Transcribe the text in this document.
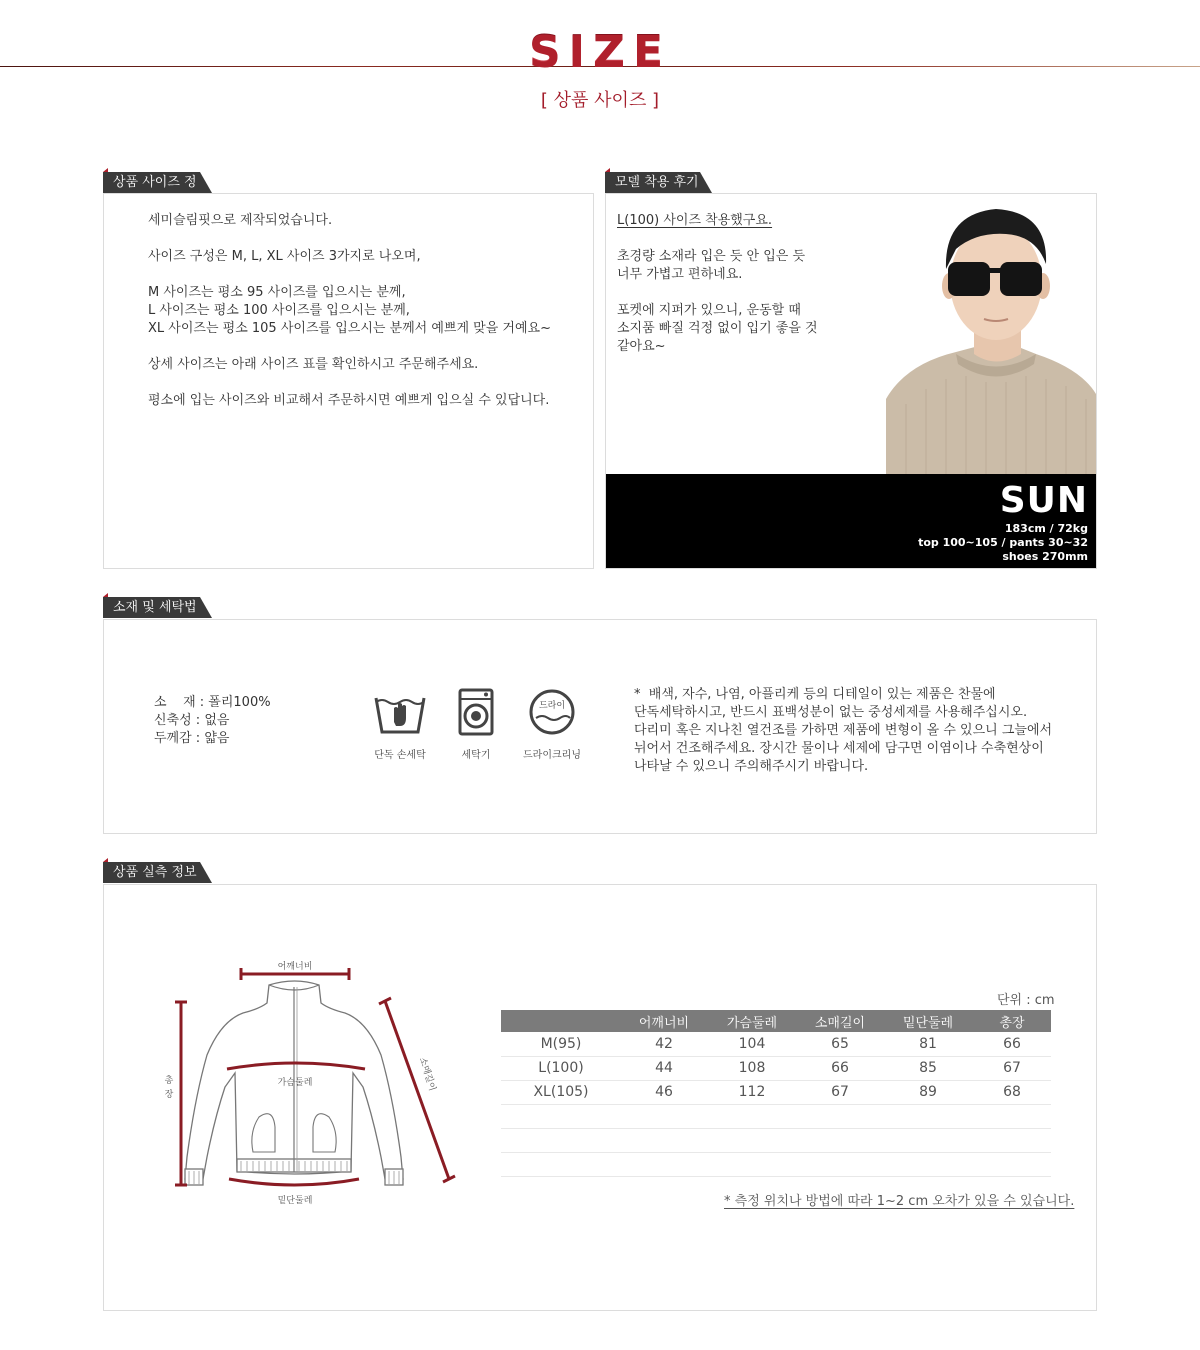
SIZE
[ 상품 사이즈 ]
상품 사이즈 정

세미슬림핏으로 제작되었습니다.

사이즈 구성은 M, L, XL 사이즈 3가지로 나오며,

M 사이즈는 평소 95 사이즈를 입으시는 분께,
L 사이즈는 평소 100 사이즈를 입으시는 분께,
XL 사이즈는 평소 105 사이즈를 입으시는 분께서 예쁘게 맞을 거예요~

상세 사이즈는 아래 사이즈 표를 확인하시고 주문해주세요.

평소에 입는 사이즈와 비교해서 주문하시면 예쁘게 입으실 수 있답니다.

모델 착용 후기

L(100) 사이즈 착용했구요.

초경량 소재라 입은 듯 안 입은 듯
너무 가볍고 편하네요.

포켓에 지퍼가 있으니, 운동할 때
소지품 빠질 걱정 없이 입기 좋을 것
같아요~

SUN
183cm / 72kg
top 100~105 / pants 30~32
shoes 270mm
소재 및 세탁법
소    재 : 폴리100%
신축성 : 없음
두께감 : 얇음
단독 손세탁	세탁기
드라이
드라이크리닝
*  배색, 자수, 나염, 아플리케 등의 디테일이 있는 제품은 찬물에
단독세탁하시고, 반드시 표백성분이 없는 중성세제를 사용해주십시오.
다리미 혹은 지나친 열건조를 가하면 제품에 변형이 올 수 있으니 그늘에서
뉘어서 건조해주세요. 장시간 물이나 세제에 담구면 이염이나 수축현상이
나타날 수 있으니 주의해주시기 바랍니다.
상품 실측 정보
어깨너비
가슴둘레
밑단둘레
총
장
소매길이
단위 : cm
	어깨너비	가슴둘레	소매길이	밑단둘레	총장
M(95)	42	104	65	81	66
L(100)	44	108	66	85	67
XL(105)	46	112	67	89	68

* 측정 위치나 방법에 따라 1~2 cm 오차가 있을 수 있습니다.
